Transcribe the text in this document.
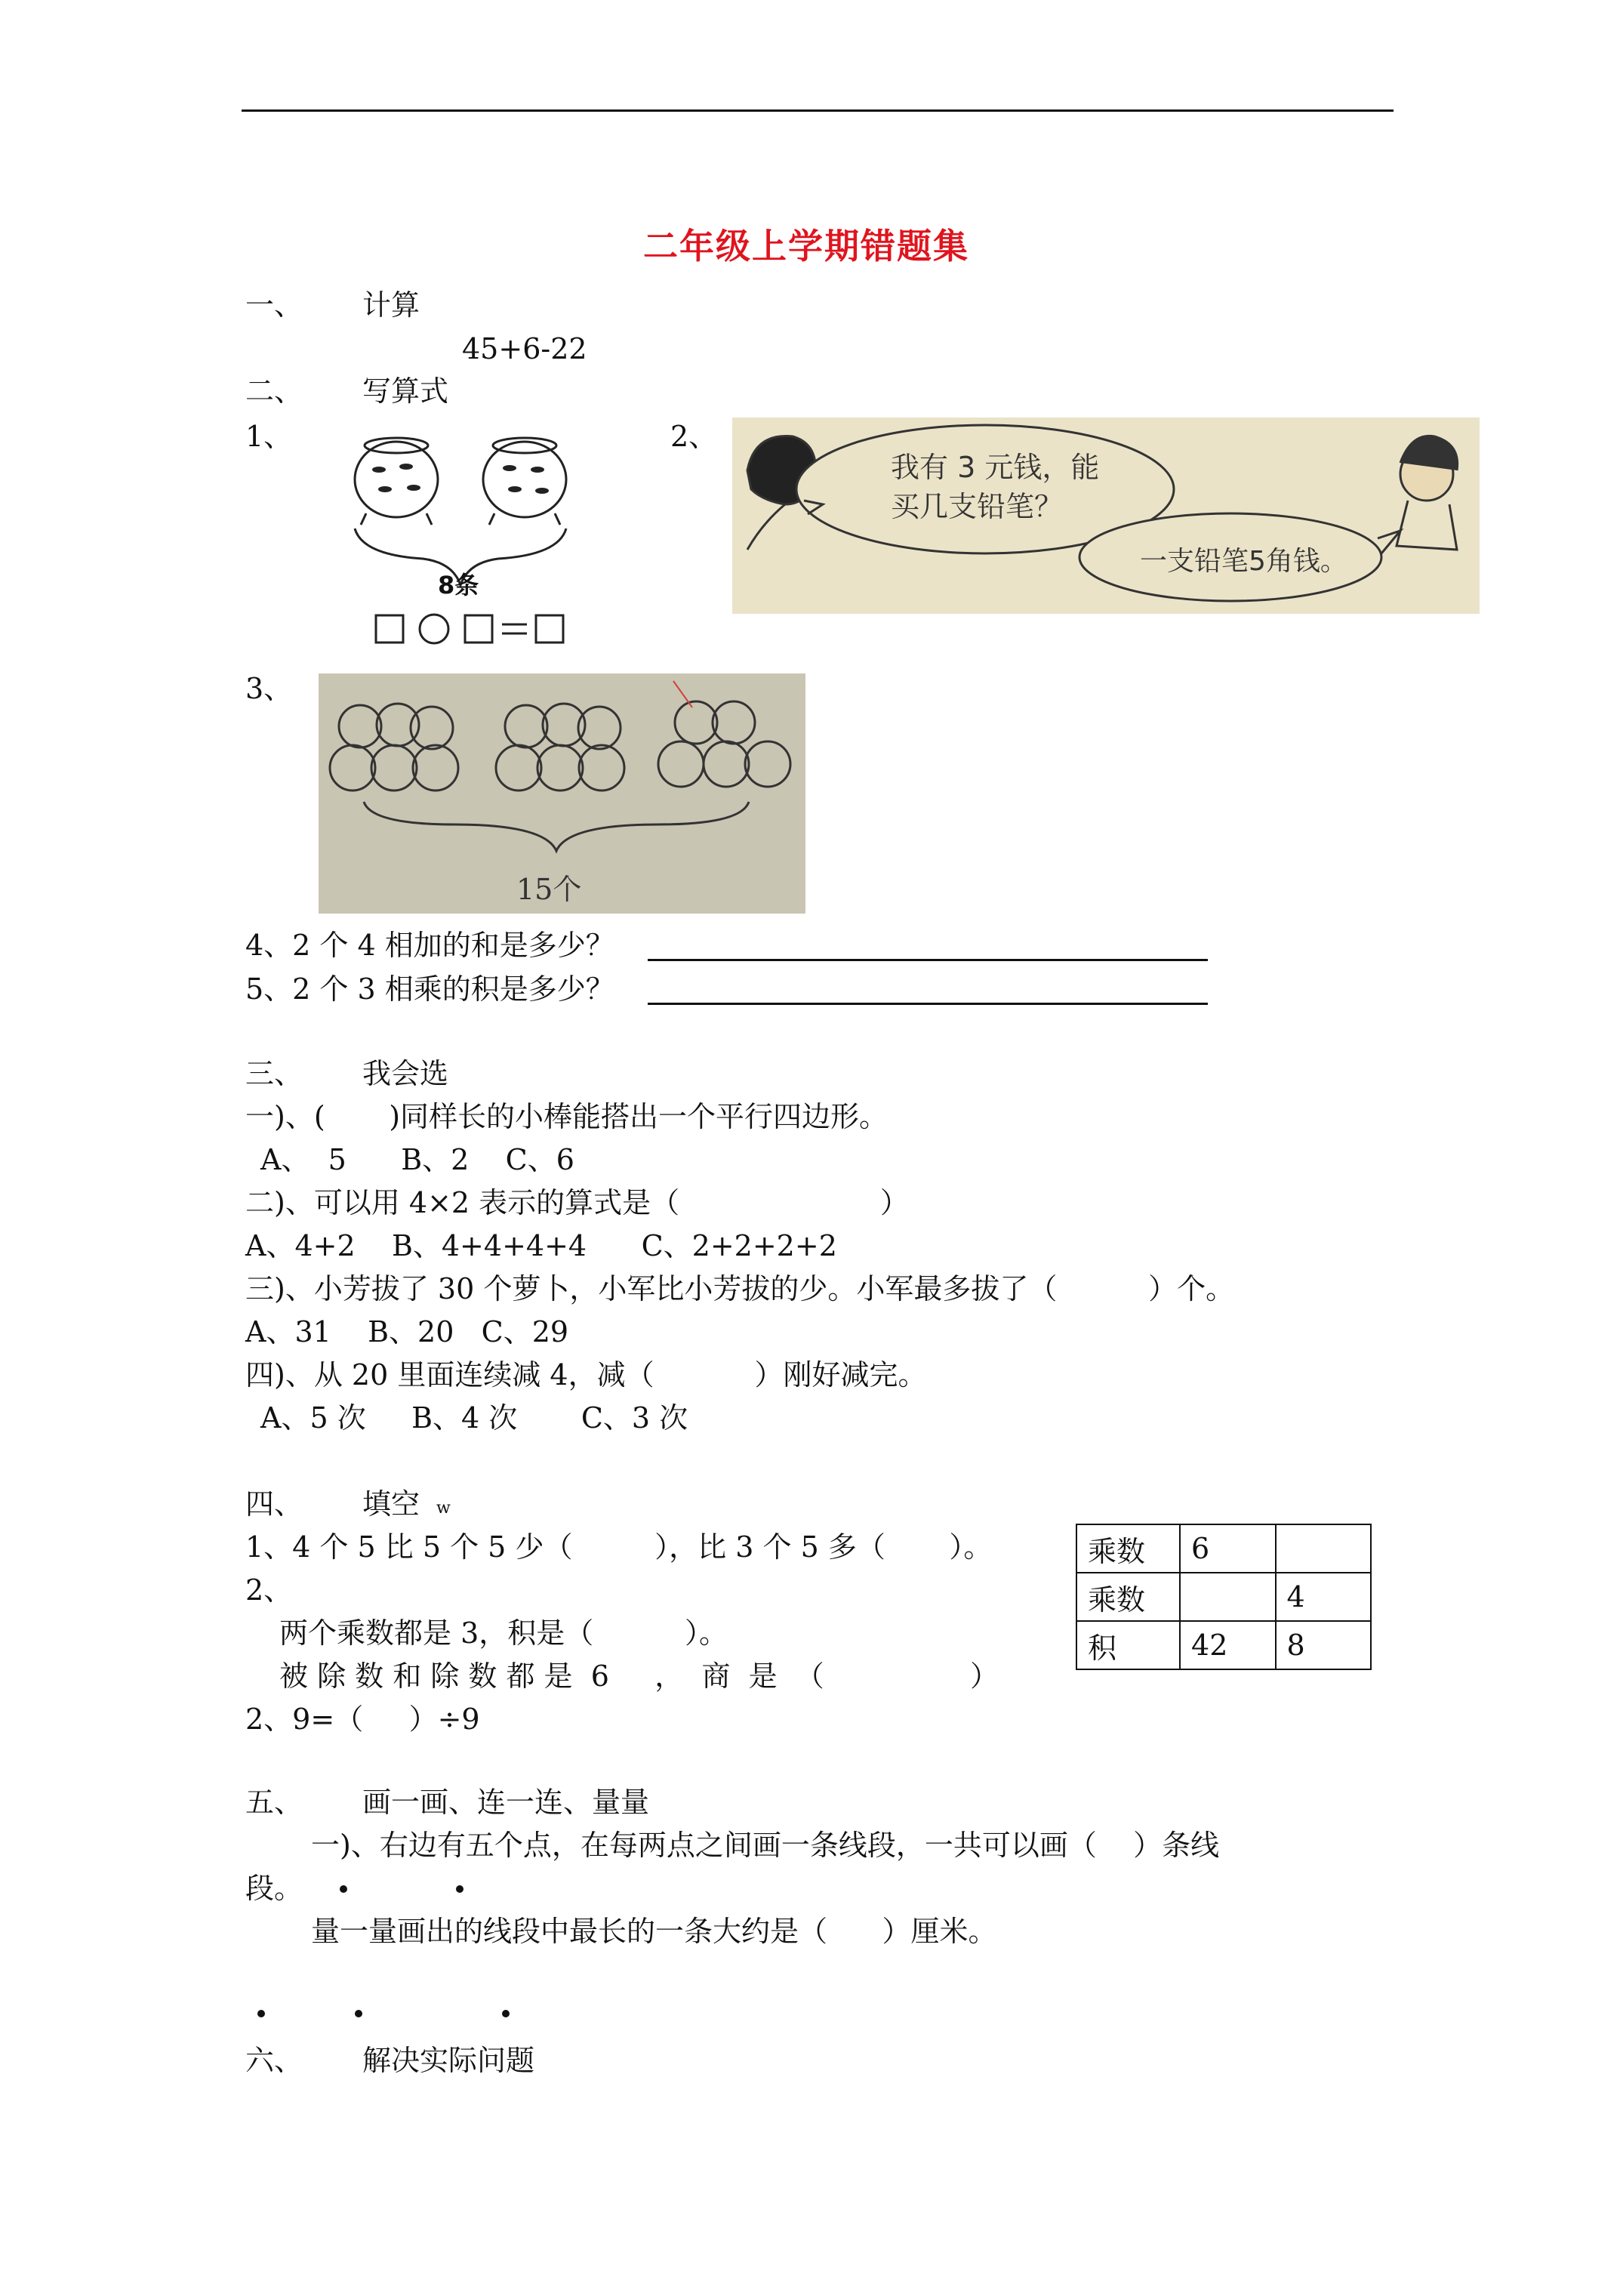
二年级上学期错题集
一、 计算
45+6-22
二、 写算式
1、	2、
8条
我有 3 元钱，能
买几支铅笔？
一支铅笔5角钱。
3、
15个
4、2 个 4 相加的和是多少？
5、2 个 3 相乘的积是多少？
三、 我会选
一)、(       )同样长的小棒能搭出一个平行四边形。
A、  5      B、2    C、6
二)、可以用 4×2 表示的算式是（                      ）
A、4+2    B、4+4+4+4      C、2+2+2+2
三)、小芳拔了 30 个萝卜，小军比小芳拔的少。小军最多拔了（          ）个。
A、31    B、20   C、29
四)、从 20 里面连续减 4，减（           ）刚好减完。
A、5 次     B、4 次       C、3 次
四、 填空 w
1、4 个 5 比 5 个 5 少（         ），比 3 个 5 多（       ）。
2、
两个乘数都是 3，积是（          ）。
被 除 数 和 除 数 都 是  6     ，  商  是  （                ）
2、9=（     ）÷9
乘数	6	
乘数		4
积	42	8
五、 画一画、连一连、量量
一)、右边有五个点，在每两点之间画一条线段，一共可以画（    ）条线
段。
量一量画出的线段中最长的一条大约是（      ）厘米。
六、 解决实际问题
